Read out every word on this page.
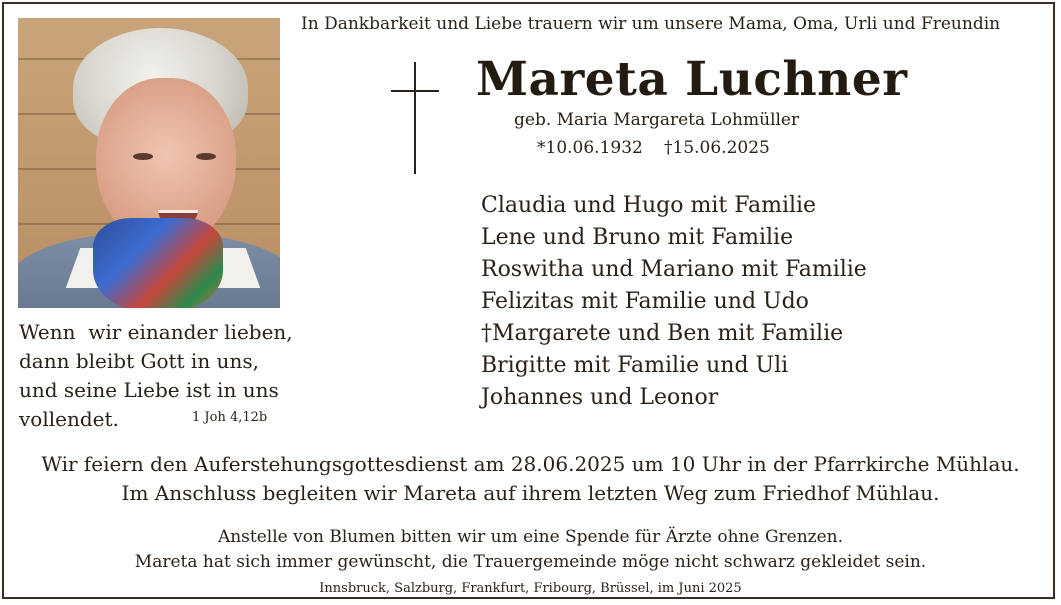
In Dankbarkeit und Liebe trauern wir um unsere Mama, Oma, Urli und Freundin
Mareta Luchner
geb. Maria Margareta Lohmüller
*10.06.1932 †15.06.2025
Claudia und Hugo mit Familie
Lene und Bruno mit Familie
Roswitha und Mariano mit Familie
Felizitas mit Familie und Udo
†Margarete und Ben mit Familie
Brigitte mit Familie und Uli
Johannes und Leonor
Wenn  wir einander lieben,
dann bleibt Gott in uns,
und seine Liebe ist in uns
vollendet.	1 Joh 4,12b
Wir feiern den Auferstehungsgottesdienst am 28.06.2025 um 10 Uhr in der Pfarrkirche Mühlau.
Im Anschluss begleiten wir Mareta auf ihrem letzten Weg zum Friedhof Mühlau.
Anstelle von Blumen bitten wir um eine Spende für Ärzte ohne Grenzen.
Mareta hat sich immer gewünscht, die Trauergemeinde möge nicht schwarz gekleidet sein.
Innsbruck, Salzburg, Frankfurt, Fribourg, Brüssel, im Juni 2025
